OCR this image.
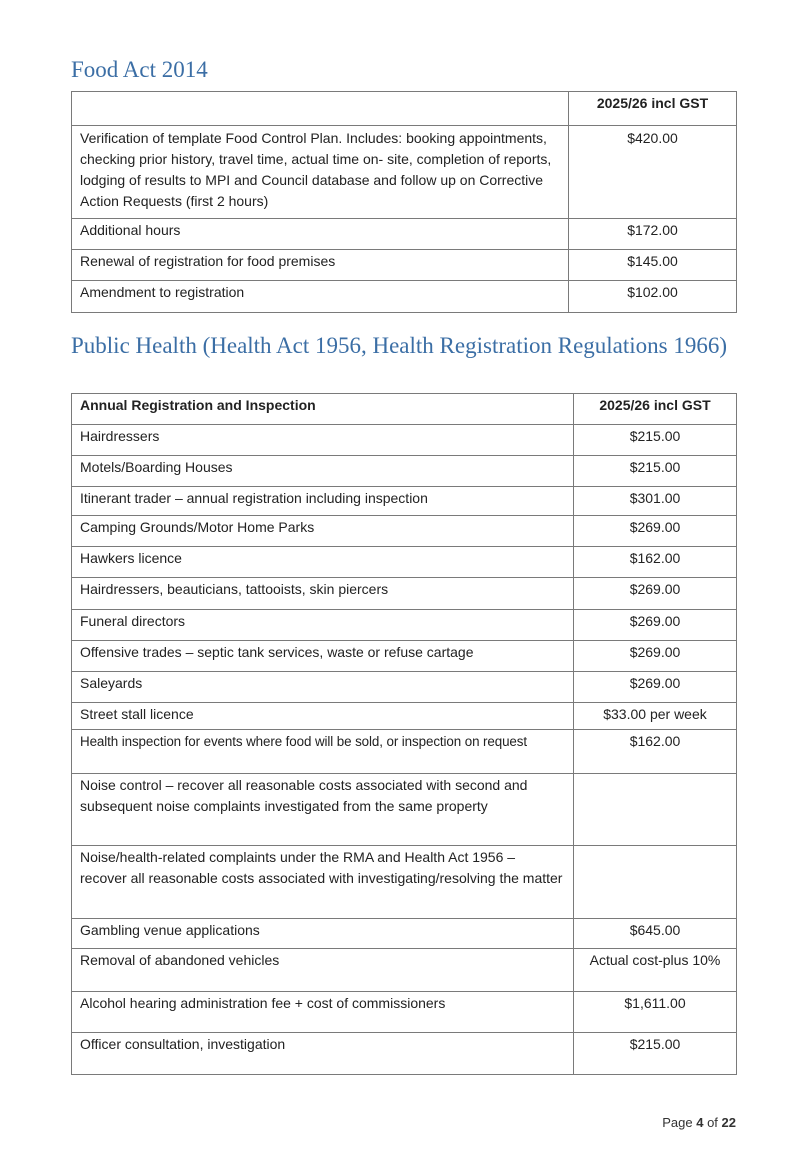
Food Act 2014
	2025/26 incl GST
Verification of template Food Control Plan. Includes: booking appointments, checking prior history, travel time, actual time on- site, completion of reports, lodging of results to MPI and Council database and follow up on Corrective Action Requests (first 2 hours)	$420.00
Additional hours	$172.00
Renewal of registration for food premises	$145.00
Amendment to registration	$102.00
Public Health (Health Act 1956, Health Registration Regulations 1966)
Annual Registration and Inspection	2025/26 incl GST
Hairdressers	$215.00
Motels/Boarding Houses	$215.00
Itinerant trader – annual registration including inspection	$301.00
Camping Grounds/Motor Home Parks	$269.00
Hawkers licence	$162.00
Hairdressers, beauticians, tattooists, skin piercers	$269.00
Funeral directors	$269.00
Offensive trades – septic tank services, waste or refuse cartage	$269.00
Saleyards	$269.00
Street stall licence	$33.00 per week
Health inspection for events where food will be sold, or inspection on request	$162.00
Noise control – recover all reasonable costs associated with second and subsequent noise complaints investigated from the same property	
Noise/health-related complaints under the RMA and Health Act 1956 – recover all reasonable costs associated with investigating/resolving the matter	
Gambling venue applications	$645.00
Removal of abandoned vehicles	Actual cost-plus 10%
Alcohol hearing administration fee + cost of commissioners	$1,611.00
Officer consultation, investigation	$215.00
Page 4 of 22
